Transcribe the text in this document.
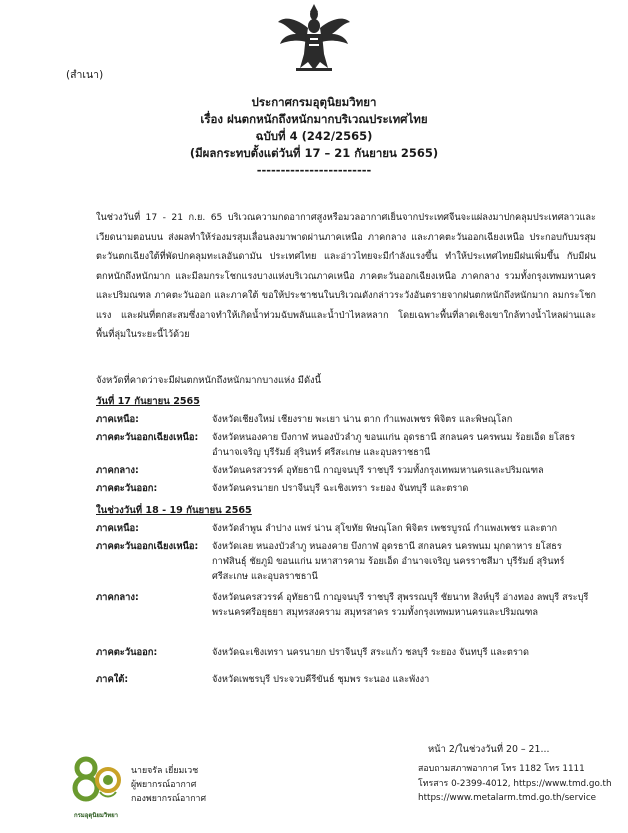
(สำเนา)
ประกาศกรมอุตุนิยมวิทยา
เรื่อง ฝนตกหนักถึงหนักมากบริเวณประเทศไทย
ฉบับที่ 4 (242/2565)
(มีผลกระทบตั้งแต่วันที่ 17 – 21 กันยายน 2565)
------------------------
ในช่วงวันที่ 17 - 21 ก.ย. 65 บริเวณความกดอากาศสูงหรือมวลอากาศเย็นจากประเทศจีนจะแผ่ลงมาปกคลุมประเทศลาวและเวียดนามตอนบน ส่งผลทำให้ร่องมรสุมเลื่อนลงมาพาดผ่านภาคเหนือ ภาคกลาง และภาคตะวันออกเฉียงเหนือ ประกอบกับมรสุมตะวันตกเฉียงใต้ที่พัดปกคลุมทะเลอันดามัน ประเทศไทย และอ่าวไทยจะมีกำลังแรงขึ้น ทำให้ประเทศไทยมีฝนเพิ่มขึ้น กับมีฝนตกหนักถึงหนักมาก และมีลมกระโชกแรงบางแห่งบริเวณภาคเหนือ ภาคตะวันออกเฉียงเหนือ ภาคกลาง รวมทั้งกรุงเทพมหานครและปริมณฑล ภาคตะวันออก และภาคใต้ ขอให้ประชาชนในบริเวณดังกล่าวระวังอันตรายจากฝนตกหนักถึงหนักมาก ลมกระโชกแรง และฝนที่ตกสะสมซึ่งอาจทำให้เกิดน้ำท่วมฉับพลันและน้ำป่าไหลหลาก โดยเฉพาะพื้นที่ลาดเชิงเขาใกล้ทางน้ำไหลผ่านและพื้นที่ลุ่มในระยะนี้ไว้ด้วย
จังหวัดที่คาดว่าจะมีฝนตกหนักถึงหนักมากบางแห่ง มีดังนี้
วันที่ 17 กันยายน 2565
ภาคเหนือ:	จังหวัดเชียงใหม่ เชียงราย พะเยา น่าน ตาก กำแพงเพชร พิจิตร และพิษณุโลก
ภาคตะวันออกเฉียงเหนือ:	จังหวัดหนองคาย บึงกาฬ หนองบัวลำภู ขอนแก่น อุดรธานี สกลนคร นครพนม ร้อยเอ็ด ยโสธร อำนาจเจริญ บุรีรัมย์ สุรินทร์ ศรีสะเกษ และอุบลราชธานี
ภาคกลาง:	จังหวัดนครสวรรค์ อุทัยธานี กาญจนบุรี ราชบุรี รวมทั้งกรุงเทพมหานครและปริมณฑล
ภาคตะวันออก:	จังหวัดนครนายก ปราจีนบุรี ฉะเชิงเทรา ระยอง จันทบุรี และตราด
ในช่วงวันที่ 18 - 19 กันยายน 2565
ภาคเหนือ:	จังหวัดลำพูน ลำปาง แพร่ น่าน สุโขทัย พิษณุโลก พิจิตร เพชรบูรณ์ กำแพงเพชร และตาก
ภาคตะวันออกเฉียงเหนือ:	จังหวัดเลย หนองบัวลำภู หนองคาย บึงกาฬ อุดรธานี สกลนคร นครพนม มุกดาหาร ยโสธร กาฬสินธุ์ ชัยภูมิ ขอนแก่น มหาสารคาม ร้อยเอ็ด อำนาจเจริญ นครราชสีมา บุรีรัมย์ สุรินทร์ ศรีสะเกษ และอุบลราชธานี
ภาคกลาง:	จังหวัดนครสวรรค์ อุทัยธานี กาญจนบุรี ราชบุรี สุพรรณบุรี ชัยนาท สิงห์บุรี อ่างทอง ลพบุรี สระบุรี พระนครศรีอยุธยา สมุทรสงคราม สมุทรสาคร รวมทั้งกรุงเทพมหานครและปริมณฑล
ภาคตะวันออก:	จังหวัดฉะเชิงเทรา นครนายก ปราจีนบุรี สระแก้ว ชลบุรี ระยอง จันทบุรี และตราด
ภาคใต้:	จังหวัดเพชรบุรี ประจวบคีรีขันธ์ ชุมพร ระนอง และพังงา
หน้า 2/ในช่วงวันที่ 20 – 21...
กรมอุตุนิยมวิทยา
นายจรัล เยี่ยมเวช
ผู้พยากรณ์อากาศ
กองพยากรณ์อากาศ
สอบถามสภาพอากาศ โทร 1182 โทร 1111
โทรสาร 0-2399-4012, https://www.tmd.go.th
https://www.metalarm.tmd.go.th/service
